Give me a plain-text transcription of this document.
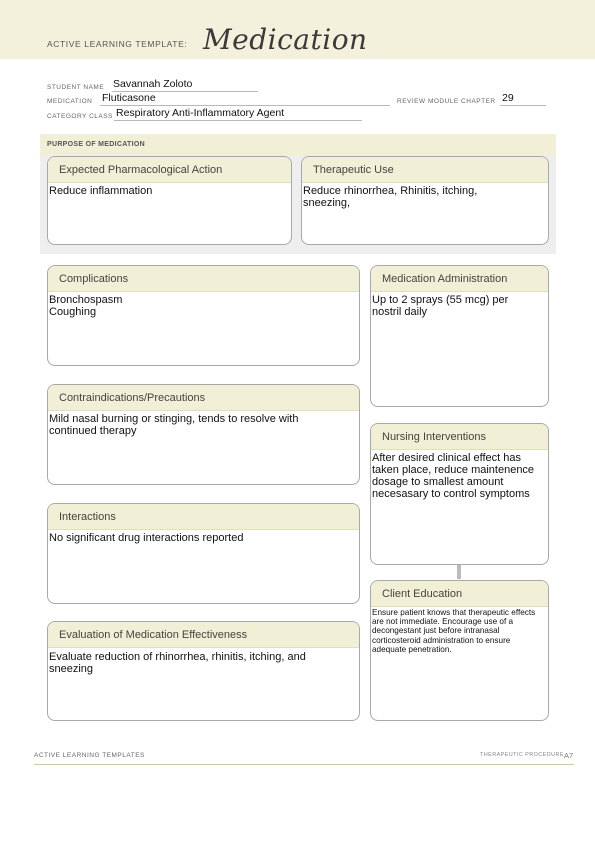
ACTIVE LEARNING TEMPLATE: Medication
STUDENT NAME Savannah Zoloto
MEDICATION Fluticasone	REVIEW MODULE CHAPTER 29
CATEGORY CLASS Respiratory Anti-Inflammatory Agent
PURPOSE OF MEDICATION
Expected Pharmacological Action
Reduce inflammation
Therapeutic Use
Reduce rhinorrhea, Rhinitis, itching, sneezing,
Complications
Bronchospasm
Coughing
Medication Administration
Up to 2 sprays (55 mcg) per nostril daily
Contraindications/Precautions
Mild nasal burning or stinging, tends to resolve with continued therapy	Nursing Interventions
After desired clinical effect has taken place, reduce maintenence dosage to smallest amount necesasary to control symptoms
Interactions
No significant drug interactions reported
Client Education
Ensure patient knows that therapeutic effects are not immediate. Encourage use of a decongestant just before intranasal corticosteroid administration to ensure adequate penetration.
Evaluation of Medication Effectiveness
Evaluate reduction of rhinorrhea, rhinitis, itching, and sneezing
ACTIVE LEARNING TEMPLATES	THERAPEUTIC PROCEDURE A7
